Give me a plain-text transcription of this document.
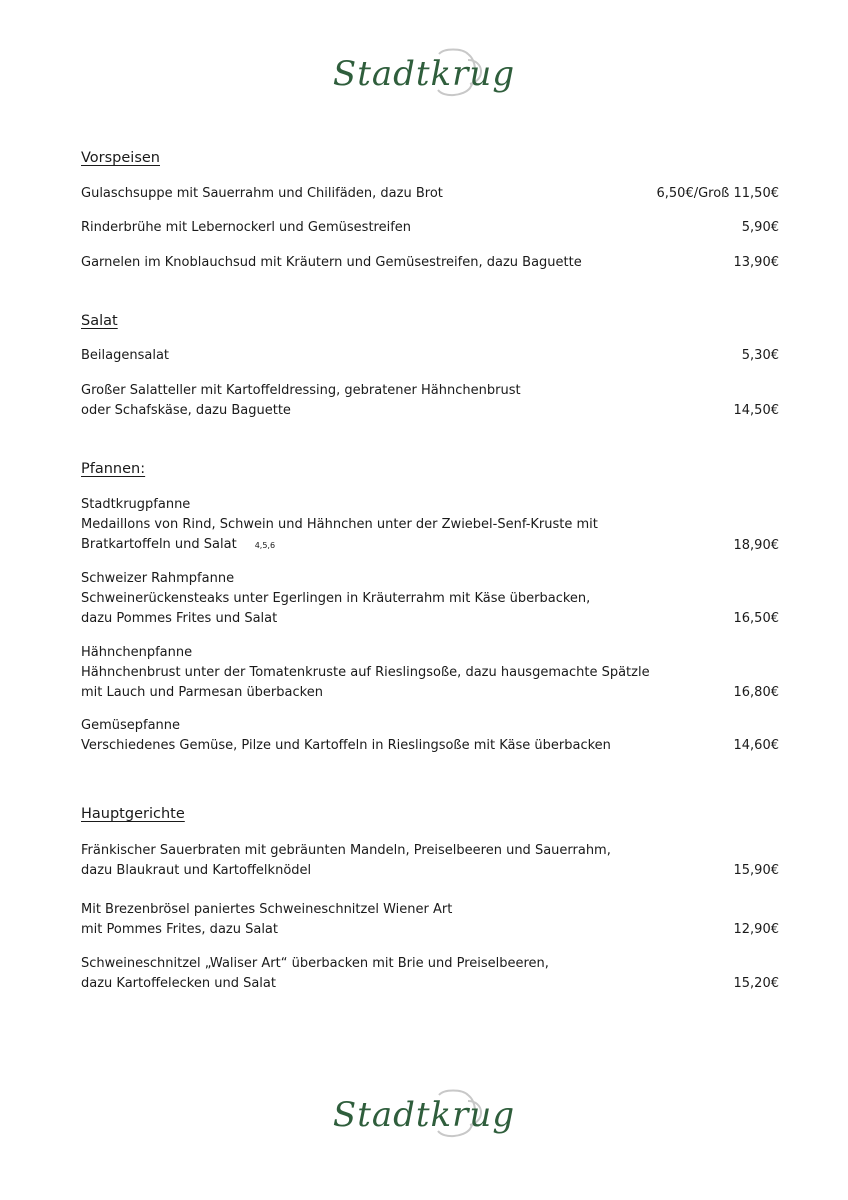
Stadtkrug
Vorspeisen
Gulaschsuppe mit Sauerrahm und Chilifäden, dazu Brot	6,50€/Groß 11,50€
Rinderbrühe mit Lebernockerl und Gemüsestreifen	5,90€
Garnelen im Knoblauchsud mit Kräutern und Gemüsestreifen, dazu Baguette	13,90€
Salat
Beilagensalat	5,30€
Großer Salatteller mit Kartoffeldressing, gebratener Hähnchenbrust
oder Schafskäse, dazu Baguette	14,50€
Pfannen:
Stadtkrugpfanne
Medaillons von Rind, Schwein und Hähnchen unter der Zwiebel-Senf-Kruste mit
Bratkartoffeln und Salat 4,5,6	18,90€
Schweizer Rahmpfanne
Schweinerückensteaks unter Egerlingen in Kräuterrahm mit Käse überbacken,
dazu Pommes Frites und Salat	16,50€
Hähnchenpfanne
Hähnchenbrust unter der Tomatenkruste auf Rieslingsoße, dazu hausgemachte Spätzle
mit Lauch und Parmesan überbacken	16,80€
Gemüsepfanne
Verschiedenes Gemüse, Pilze und Kartoffeln in Rieslingsoße mit Käse überbacken	14,60€
Hauptgerichte
Fränkischer Sauerbraten mit gebräunten Mandeln, Preiselbeeren und Sauerrahm,
dazu Blaukraut und Kartoffelknödel	15,90€
Mit Brezenbrösel paniertes Schweineschnitzel Wiener Art
mit Pommes Frites, dazu Salat	12,90€
Schweineschnitzel „Waliser Art“ überbacken mit Brie und Preiselbeeren,
dazu Kartoffelecken und Salat	15,20€
Stadtkrug
